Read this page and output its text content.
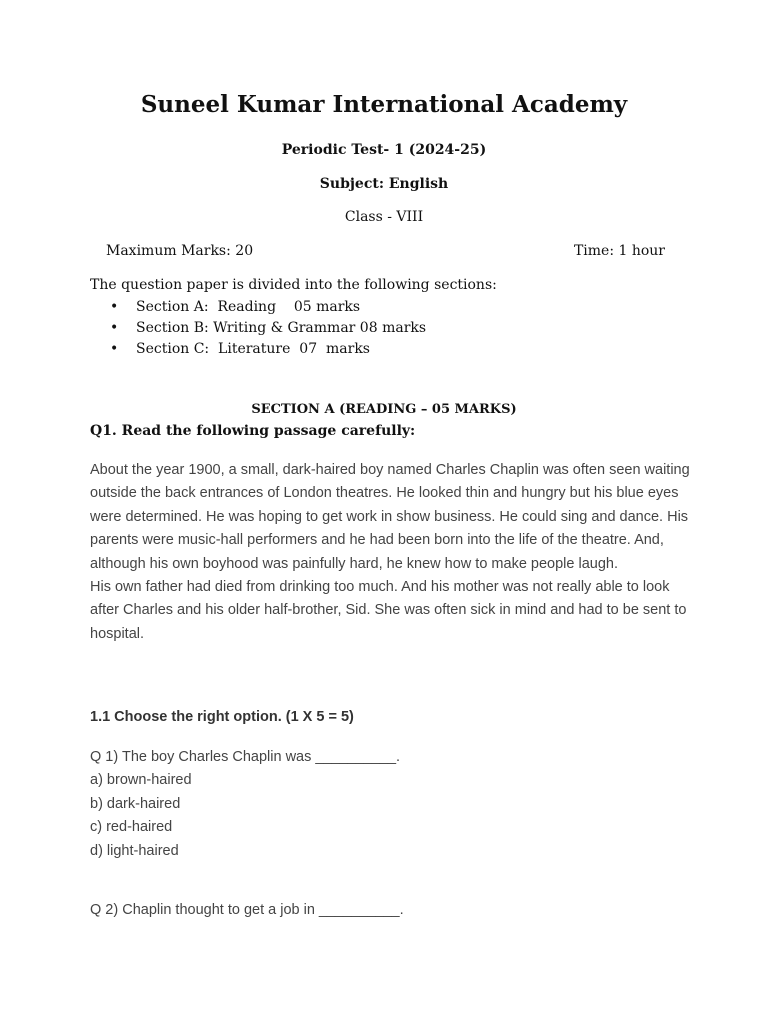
Suneel Kumar International Academy
Periodic Test- 1 (2024-25)
Subject: English
Class - VIII
Maximum Marks: 20	Time: 1 hour
The question paper is divided into the following sections:
• Section A:  Reading    05 marks
• Section B: Writing & Grammar 08 marks
• Section C:  Literature  07  marks
SECTION A (READING – 05 MARKS)
Q1. Read the following passage carefully:

About the year 1900, a small, dark-haired boy named Charles Chaplin was often seen waiting outside the back entrances of London theatres. He looked thin and hungry but his blue eyes were determined. He was hoping to get work in show business. He could sing and dance. His parents were music-hall performers and he had been born into the life of the theatre. And, although his own boyhood was painfully hard, he knew how to make people laugh.

His own father had died from drinking too much. And his mother was not really able to look after Charles and his older half-brother, Sid. She was often sick in mind and had to be sent to hospital.

1.1 Choose the right option. (1 X 5 = 5)
Q 1) The boy Charles Chaplin was __________.
a) brown-haired
b) dark-haired
c) red-haired
d) light-haired
Q 2) Chaplin thought to get a job in __________.
